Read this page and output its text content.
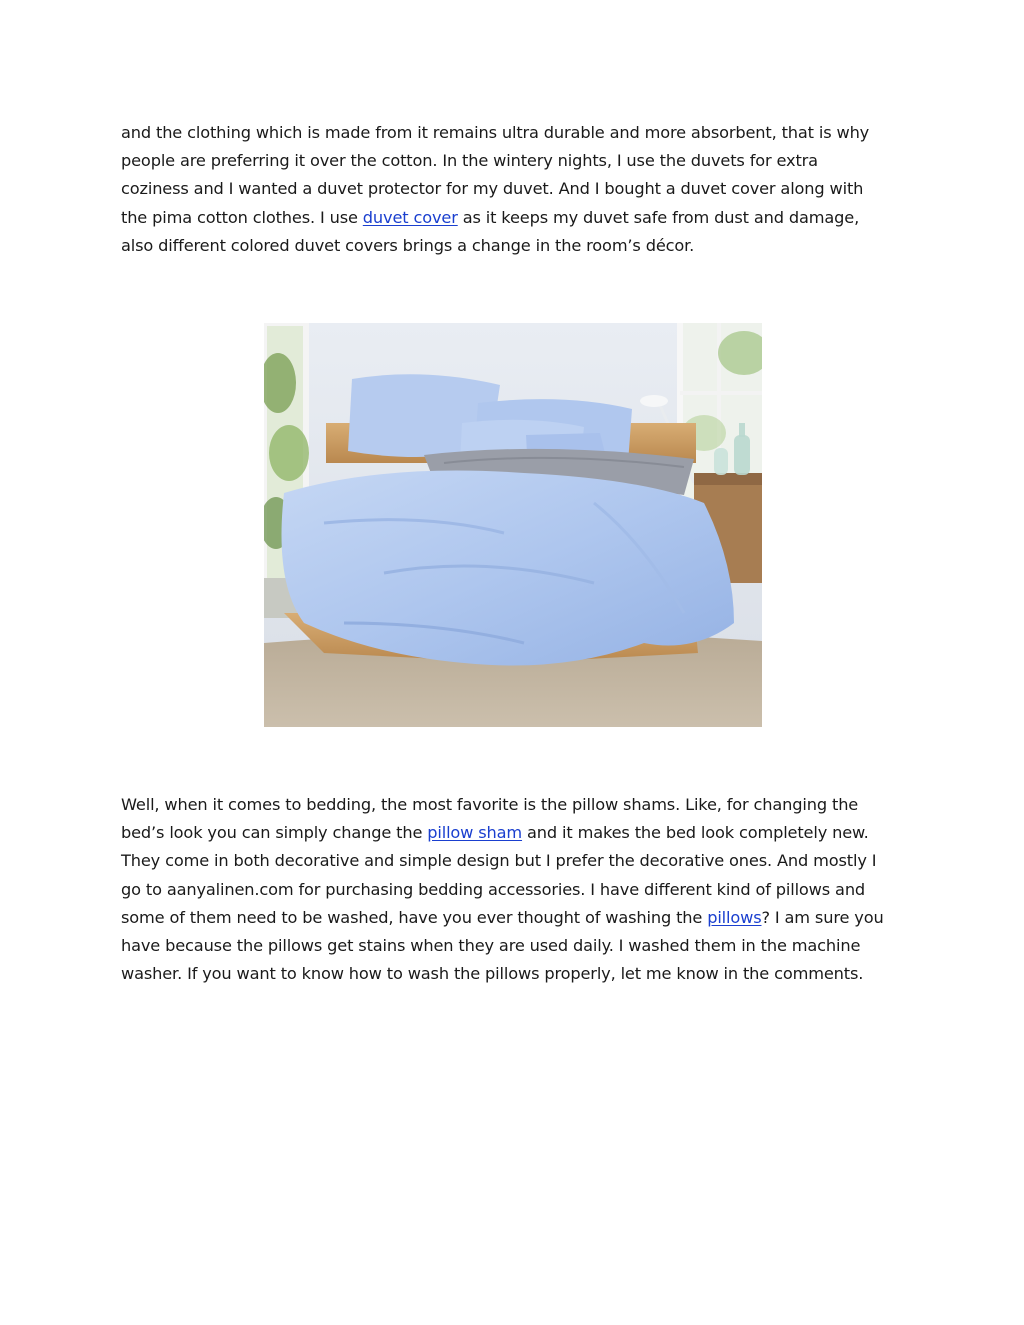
and the clothing which is made from it remains ultra durable and more absorbent, that is why
people are preferring it over the cotton. In the wintery nights, I use the duvets for extra
coziness and I wanted a duvet protector for my duvet. And I bought a duvet cover along with
the pima cotton clothes. I use duvet cover as it keeps my duvet safe from dust and damage,
also different colored duvet covers brings a change in the room’s décor.

Well, when it comes to bedding, the most favorite is the pillow shams. Like, for changing the
bed’s look you can simply change the pillow sham and it makes the bed look completely new.
They come in both decorative and simple design but I prefer the decorative ones. And mostly I
go to aanyalinen.com for purchasing bedding accessories. I have different kind of pillows and
some of them need to be washed, have you ever thought of washing the pillows? I am sure you
have because the pillows get stains when they are used daily. I washed them in the machine
washer. If you want to know how to wash the pillows properly, let me know in the comments.
